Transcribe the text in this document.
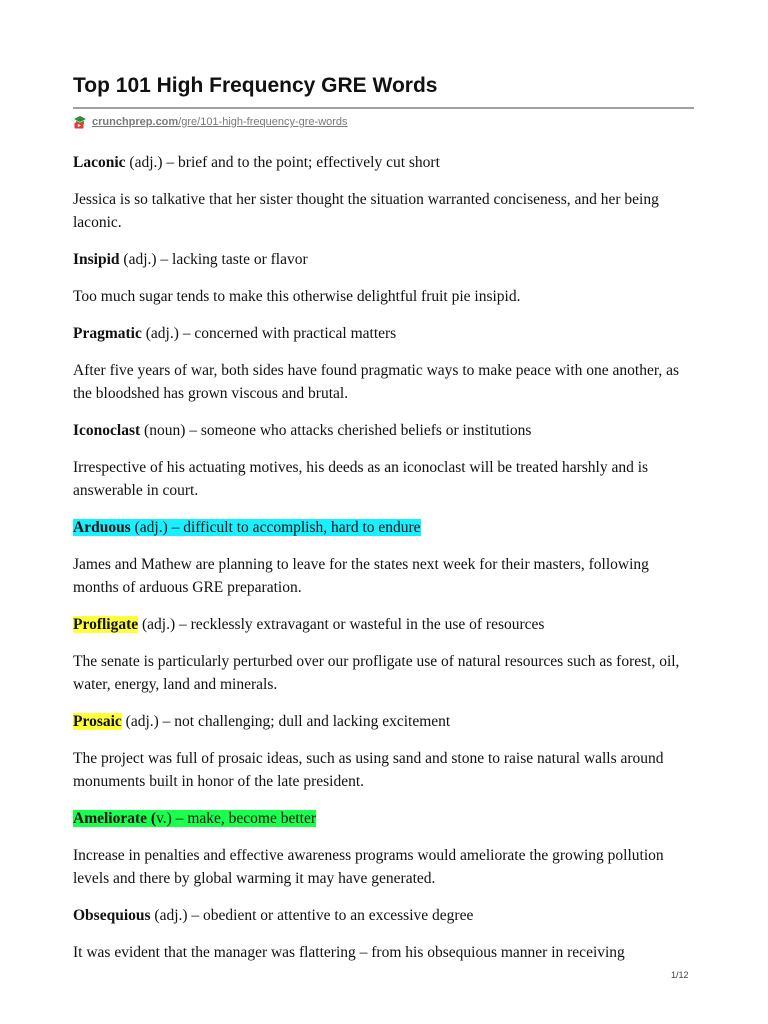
Top 101 High Frequency GRE Words
crunchprep.com /gre/101-high-frequency-gre-words

Laconic (adj.) – brief and to the point; effectively cut short

Jessica is so talkative that her sister thought the situation warranted conciseness, and her being laconic.

Insipid (adj.) – lacking taste or flavor

Too much sugar tends to make this otherwise delightful fruit pie insipid.

Pragmatic (adj.) – concerned with practical matters

After five years of war, both sides have found pragmatic ways to make peace with one another, as the bloodshed has grown viscous and brutal.

Iconoclast (noun) – someone who attacks cherished beliefs or institutions

Irrespective of his actuating motives, his deeds as an iconoclast will be treated harshly and is answerable in court.

Arduous (adj.) – difficult to accomplish, hard to endure

James and Mathew are planning to leave for the states next week for their masters, following months of arduous GRE preparation.

Profligate (adj.) – recklessly extravagant or wasteful in the use of resources

The senate is particularly perturbed over our profligate use of natural resources such as forest, oil, water, energy, land and minerals.

Prosaic (adj.) – not challenging; dull and lacking excitement

The project was full of prosaic ideas, such as using sand and stone to raise natural walls around monuments built in honor of the late president.

Ameliorate (v.) – make, become better

Increase in penalties and effective awareness programs would ameliorate the growing pollution levels and there by global warming it may have generated.

Obsequious (adj.) – obedient or attentive to an excessive degree

It was evident that the manager was flattering – from his obsequious manner in receiving

1/12
